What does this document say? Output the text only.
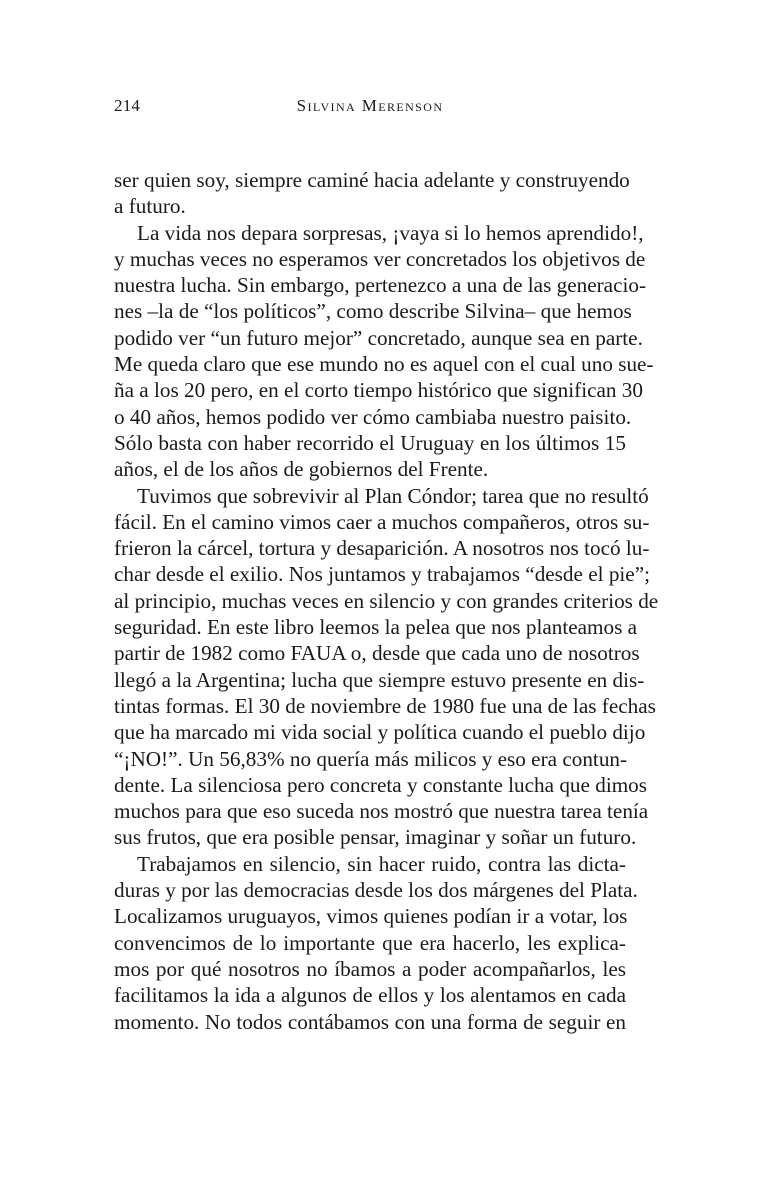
214	Silvina Merenson

ser quien soy, siempre caminé hacia adelante y construyendo
a futuro.

La vida nos depara sorpresas, ¡vaya si lo hemos aprendido!,
y muchas veces no esperamos ver concretados los objetivos de
nuestra lucha. Sin embargo, pertenezco a una de las generacio-
nes –la de “los políticos”, como describe Silvina– que hemos
podido ver “un futuro mejor” concretado, aunque sea en parte.
Me queda claro que ese mundo no es aquel con el cual uno sue-
ña a los 20 pero, en el corto tiempo histórico que significan 30
o 40 años, hemos podido ver cómo cambiaba nuestro paisito.
Sólo basta con haber recorrido el Uruguay en los últimos 15
años, el de los años de gobiernos del Frente.

Tuvimos que sobrevivir al Plan Cóndor; tarea que no resultó
fácil. En el camino vimos caer a muchos compañeros, otros su-
frieron la cárcel, tortura y desaparición. A nosotros nos tocó lu-
char desde el exilio. Nos juntamos y trabajamos “desde el pie”;
al principio, muchas veces en silencio y con grandes criterios de
seguridad. En este libro leemos la pelea que nos planteamos a
partir de 1982 como FAUA o, desde que cada uno de nosotros
llegó a la Argentina; lucha que siempre estuvo presente en dis-
tintas formas. El 30 de noviembre de 1980 fue una de las fechas
que ha marcado mi vida social y política cuando el pueblo dijo
“¡NO!”. Un 56,83% no quería más milicos y eso era contun-
dente. La silenciosa pero concreta y constante lucha que dimos
muchos para que eso suceda nos mostró que nuestra tarea tenía
sus frutos, que era posible pensar, imaginar y soñar un futuro.

Trabajamos en silencio, sin hacer ruido, contra las dicta-
duras y por las democracias desde los dos márgenes del Plata.
Localizamos uruguayos, vimos quienes podían ir a votar, los
convencimos de lo importante que era hacerlo, les explica-
mos por qué nosotros no íbamos a poder acompañarlos, les
facilitamos la ida a algunos de ellos y los alentamos en cada
momento. No todos contábamos con una forma de seguir en
